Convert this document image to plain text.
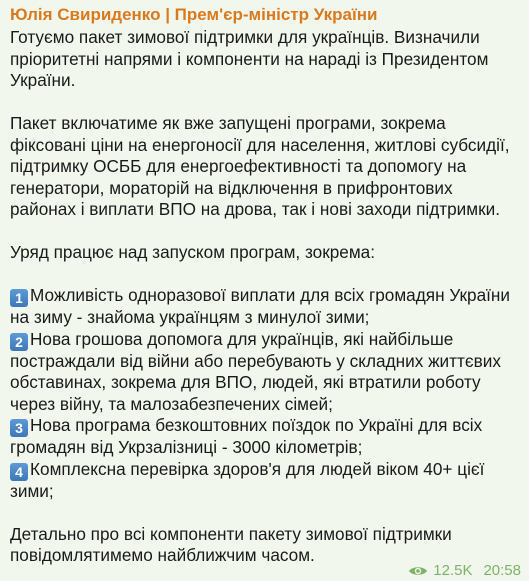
Юлія Свириденко | Прем'єр-міністр України

Готуємо пакет зимової підтримки для українців. Визначили пріоритетні напрями і компоненти на нараді із Президентом України.

Пакет включатиме як вже запущені програми, зокрема фіксовані ціни на енергоносії для населення, житлові субсидії, підтримку ОСББ для енергоефективності та допомогу на генератори, мораторій на відключення в прифронтових районах і виплати ВПО на дрова, так і нові заходи підтримки.

Уряд працює над запуском програм, зокрема:

1 Можливість одноразової виплати для всіх громадян України на зиму - знайома українцям з минулої зими;

2 Нова грошова допомога для українців, які найбільше постраждали від війни або перебувають у складних життєвих обставинах, зокрема для ВПО, людей, які втратили роботу через війну, та малозабезпечених сімей;

3 Нова програма безкоштовних поїздок по Україні для всіх громадян від Укрзалізниці - 3000 кілометрів;

4 Комплексна перевірка здоров'я для людей віком 40+ цієї зими;

Детально про всі компоненти пакету зимової підтримки повідомлятимемо найближчим часом.

12.5K 20:58
